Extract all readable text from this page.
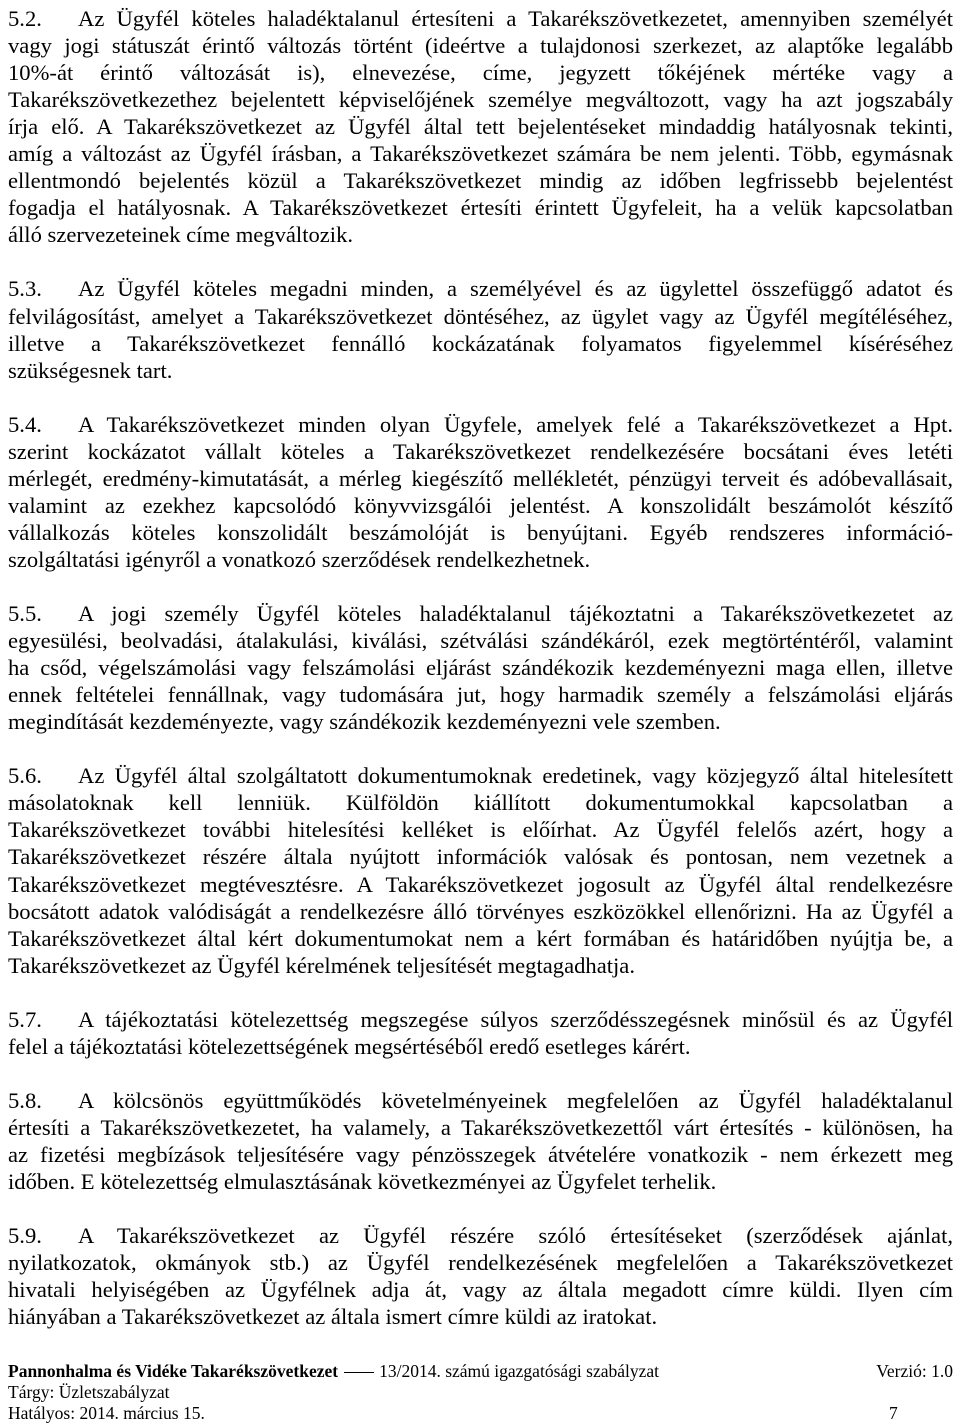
5.2. Az Ügyfél köteles haladéktalanul értesíteni a Takarékszövetkezetet, amennyiben személyét
vagy jogi státuszát érintő változás történt (ideértve a tulajdonosi szerkezet, az alaptőke legalább
10%-át érintő változását is), elnevezése, címe, jegyzett tőkéjének mértéke vagy a
Takarékszövetkezethez bejelentett képviselőjének személye megváltozott, vagy ha azt jogszabály
írja elő. A Takarékszövetkezet az Ügyfél által tett bejelentéseket mindaddig hatályosnak tekinti,
amíg a változást az Ügyfél írásban, a Takarékszövetkezet számára be nem jelenti. Több, egymásnak
ellentmondó bejelentés közül a Takarékszövetkezet mindig az időben legfrissebb bejelentést
fogadja el hatályosnak. A Takarékszövetkezet értesíti érintett Ügyfeleit, ha a velük kapcsolatban
álló szervezeteinek címe megváltozik.
5.3. Az Ügyfél köteles megadni minden, a személyével és az ügylettel összefüggő adatot és
felvilágosítást, amelyet a Takarékszövetkezet döntéséhez, az ügylet vagy az Ügyfél megítéléséhez,
illetve a Takarékszövetkezet fennálló kockázatának folyamatos figyelemmel kíséréséhez
szükségesnek tart.
5.4. A Takarékszövetkezet minden olyan Ügyfele, amelyek felé a Takarékszövetkezet a Hpt.
szerint kockázatot vállalt köteles a Takarékszövetkezet rendelkezésére bocsátani éves letéti
mérlegét, eredmény-kimutatását, a mérleg kiegészítő mellékletét, pénzügyi terveit és adóbevallásait,
valamint az ezekhez kapcsolódó könyvvizsgálói jelentést. A konszolidált beszámolót készítő
vállalkozás köteles konszolidált beszámolóját is benyújtani. Egyéb rendszeres információ-
szolgáltatási igényről a vonatkozó szerződések rendelkezhetnek.
5.5. A jogi személy Ügyfél köteles haladéktalanul tájékoztatni a Takarékszövetkezetet az
egyesülési, beolvadási, átalakulási, kiválási, szétválási szándékáról, ezek megtörténtéről, valamint
ha csőd, végelszámolási vagy felszámolási eljárást szándékozik kezdeményezni maga ellen, illetve
ennek feltételei fennállnak, vagy tudomására jut, hogy harmadik személy a felszámolási eljárás
megindítását kezdeményezte, vagy szándékozik kezdeményezni vele szemben.
5.6. Az Ügyfél által szolgáltatott dokumentumoknak eredetinek, vagy közjegyző által hitelesített
másolatoknak kell lenniük. Külföldön kiállított dokumentumokkal kapcsolatban a
Takarékszövetkezet további hitelesítési kelléket is előírhat. Az Ügyfél felelős azért, hogy a
Takarékszövetkezet részére általa nyújtott információk valósak és pontosan, nem vezetnek a
Takarékszövetkezet megtévesztésre. A Takarékszövetkezet jogosult az Ügyfél által rendelkezésre
bocsátott adatok valódiságát a rendelkezésre álló törvényes eszközökkel ellenőrizni. Ha az Ügyfél a
Takarékszövetkezet által kért dokumentumokat nem a kért formában és határidőben nyújtja be, a
Takarékszövetkezet az Ügyfél kérelmének teljesítését megtagadhatja.
5.7. A tájékoztatási kötelezettség megszegése súlyos szerződésszegésnek minősül és az Ügyfél
felel a tájékoztatási kötelezettségének megsértéséből eredő esetleges kárért.
5.8. A kölcsönös együttműködés követelményeinek megfelelően az Ügyfél haladéktalanul
értesíti a Takarékszövetkezetet, ha valamely, a Takarékszövetkezettől várt értesítés - különösen, ha
az fizetési megbízások teljesítésére vagy pénzösszegek átvételére vonatkozik - nem érkezett meg
időben. E kötelezettség elmulasztásának következményei az Ügyfelet terhelik.
5.9. A Takarékszövetkezet az Ügyfél részére szóló értesítéseket (szerződések ajánlat,
nyilatkozatok, okmányok stb.) az Ügyfél rendelkezésének megfelelően a Takarékszövetkezet
hivatali helyiségében az Ügyfélnek adja át, vagy az általa megadott címre küldi. Ilyen cím
hiányában a Takarékszövetkezet az általa ismert címre küldi az iratokat.
Pannonhalma és Vidéke Takarékszövetkezet 13/2014. számú igazgatósági szabályzat	Verzió: 1.0
Tárgy: Üzletszabályzat
Hatályos: 2014. március 15.	7
